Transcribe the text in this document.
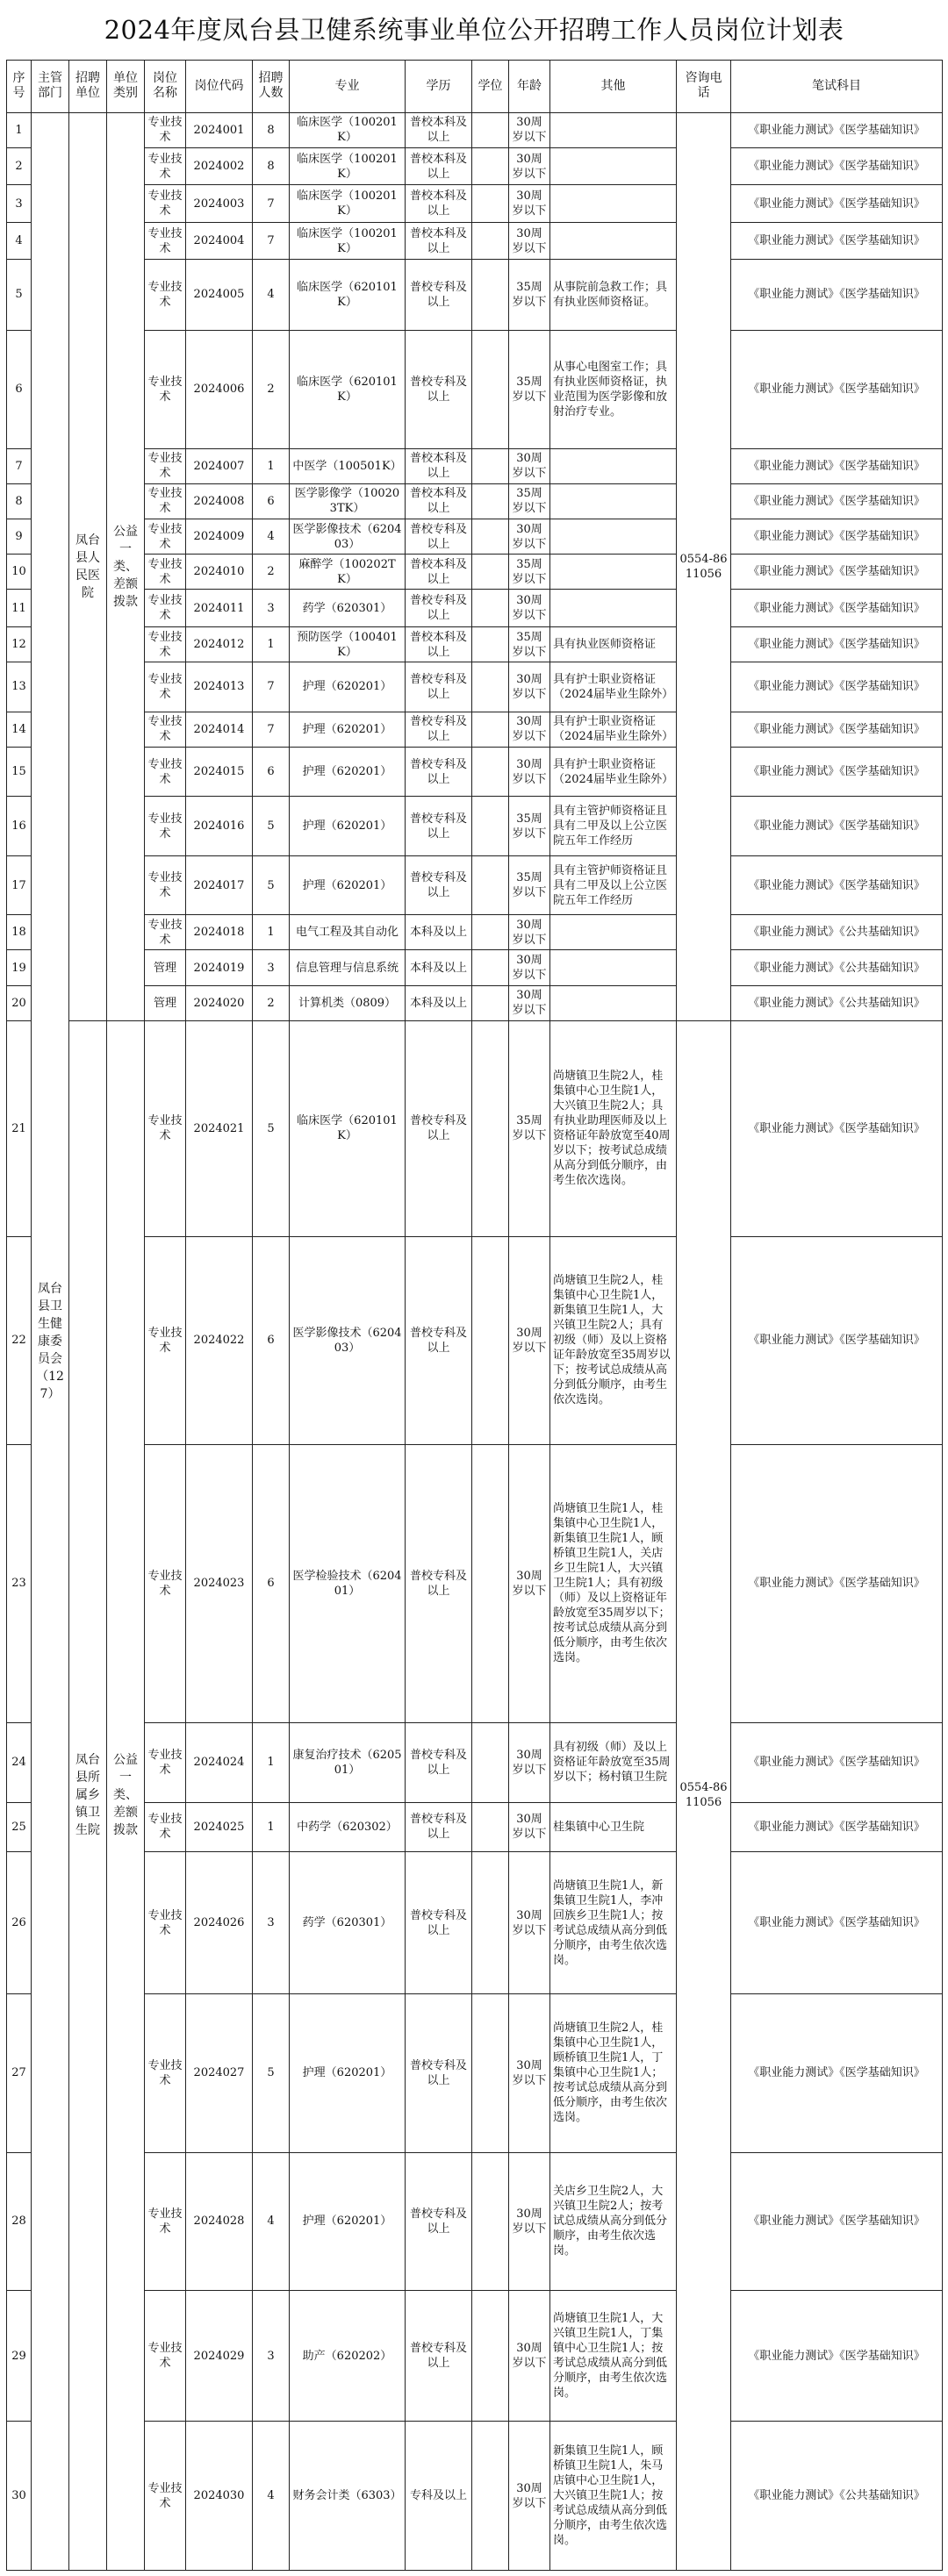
2024年度凤台县卫健系统事业单位公开招聘工作人员岗位计划表
序号	主管部门	招聘单位	单位类别	岗位名称	岗位代码	招聘人数	专业	学历	学位	年龄	其他	咨询电话	笔试科目
1	凤台县卫生健康委员会（127）	凤台县人民医院	公益一类、差额拨款	专业技术	2024001	8	临床医学（100201K）	普校本科及以上		30周岁以下		0554-8611056	《职业能力测试》《医学基础知识》
2				专业技术	2024002	8	临床医学（100201K）	普校本科及以上		30周岁以下			《职业能力测试》《医学基础知识》
3				专业技术	2024003	7	临床医学（100201K）	普校本科及以上		30周岁以下			《职业能力测试》《医学基础知识》
4				专业技术	2024004	7	临床医学（100201K）	普校本科及以上		30周岁以下			《职业能力测试》《医学基础知识》
5				专业技术	2024005	4	临床医学（620101K）	普校专科及以上		35周岁以下	从事院前急救工作；具有执业医师资格证。		《职业能力测试》《医学基础知识》
6				专业技术	2024006	2	临床医学（620101K）	普校专科及以上		35周岁以下	从事心电图室工作；具有执业医师资格证，执业范围为医学影像和放射治疗专业。		《职业能力测试》《医学基础知识》
7				专业技术	2024007	1	中医学（100501K）	普校本科及以上		30周岁以下			《职业能力测试》《医学基础知识》
8				专业技术	2024008	6	医学影像学（100203TK）	普校本科及以上		35周岁以下			《职业能力测试》《医学基础知识》
9				专业技术	2024009	4	医学影像技术（620403）	普校专科及以上		30周岁以下			《职业能力测试》《医学基础知识》
10				专业技术	2024010	2	麻醉学（100202TK）	普校本科及以上		35周岁以下			《职业能力测试》《医学基础知识》
11				专业技术	2024011	3	药学（620301）	普校专科及以上		30周岁以下			《职业能力测试》《医学基础知识》
12				专业技术	2024012	1	预防医学（100401K）	普校本科及以上		35周岁以下	具有执业医师资格证		《职业能力测试》《医学基础知识》
13				专业技术	2024013	7	护理（620201）	普校专科及以上		30周岁以下	具有护士职业资格证（2024届毕业生除外）		《职业能力测试》《医学基础知识》
14				专业技术	2024014	7	护理（620201）	普校专科及以上		30周岁以下	具有护士职业资格证（2024届毕业生除外）		《职业能力测试》《医学基础知识》
15				专业技术	2024015	6	护理（620201）	普校专科及以上		30周岁以下	具有护士职业资格证（2024届毕业生除外）		《职业能力测试》《医学基础知识》
16				专业技术	2024016	5	护理（620201）	普校专科及以上		35周岁以下	具有主管护师资格证且具有二甲及以上公立医院五年工作经历		《职业能力测试》《医学基础知识》
17				专业技术	2024017	5	护理（620201）	普校专科及以上		35周岁以下	具有主管护师资格证且具有二甲及以上公立医院五年工作经历		《职业能力测试》《医学基础知识》
18				专业技术	2024018	1	电气工程及其自动化	本科及以上		30周岁以下			《职业能力测试》《公共基础知识》
19				管理	2024019	3	信息管理与信息系统	本科及以上		30周岁以下			《职业能力测试》《公共基础知识》
20				管理	2024020	2	计算机类（0809）	本科及以上		30周岁以下			《职业能力测试》《公共基础知识》
21		凤台县所属乡镇卫生院	公益一类、差额拨款	专业技术	2024021	5	临床医学（620101K）	普校专科及以上		35周岁以下	尚塘镇卫生院2人，桂集镇中心卫生院1人，大兴镇卫生院2人；具有执业助理医师及以上资格证年龄放宽至40周岁以下；按考试总成绩从高分到低分顺序，由考生依次选岗。	0554-8611056	《职业能力测试》《医学基础知识》
22				专业技术	2024022	6	医学影像技术（620403）	普校专科及以上		30周岁以下	尚塘镇卫生院2人，桂集镇中心卫生院1人，新集镇卫生院1人，大兴镇卫生院2人；具有初级（师）及以上资格证年龄放宽至35周岁以下；按考试总成绩从高分到低分顺序，由考生依次选岗。		《职业能力测试》《医学基础知识》
23				专业技术	2024023	6	医学检验技术（620401）	普校专科及以上		30周岁以下	尚塘镇卫生院1人，桂集镇中心卫生院1人，新集镇卫生院1人，顾桥镇卫生院1人，关店乡卫生院1人，大兴镇卫生院1人；具有初级（师）及以上资格证年龄放宽至35周岁以下；按考试总成绩从高分到低分顺序，由考生依次选岗。		《职业能力测试》《医学基础知识》
24				专业技术	2024024	1	康复治疗技术（620501）	普校专科及以上		30周岁以下	具有初级（师）及以上资格证年龄放宽至35周岁以下；杨村镇卫生院		《职业能力测试》《医学基础知识》
25				专业技术	2024025	1	中药学（620302）	普校专科及以上		30周岁以下	桂集镇中心卫生院		《职业能力测试》《医学基础知识》
26				专业技术	2024026	3	药学（620301）	普校专科及以上		30周岁以下	尚塘镇卫生院1人，新集镇卫生院1人，李冲回族乡卫生院1人；按考试总成绩从高分到低分顺序，由考生依次选岗。		《职业能力测试》《医学基础知识》
27				专业技术	2024027	5	护理（620201）	普校专科及以上		30周岁以下	尚塘镇卫生院2人，桂集镇中心卫生院1人，顾桥镇卫生院1人，丁集镇中心卫生院1人；按考试总成绩从高分到低分顺序，由考生依次选岗。		《职业能力测试》《医学基础知识》
28				专业技术	2024028	4	护理（620201）	普校专科及以上		30周岁以下	关店乡卫生院2人，大兴镇卫生院2人；按考试总成绩从高分到低分顺序，由考生依次选岗。		《职业能力测试》《医学基础知识》
29				专业技术	2024029	3	助产（620202）	普校专科及以上		30周岁以下	尚塘镇卫生院1人，大兴镇卫生院1人，丁集镇中心卫生院1人；按考试总成绩从高分到低分顺序，由考生依次选岗。		《职业能力测试》《医学基础知识》
30				专业技术	2024030	4	财务会计类（6303）	专科及以上		30周岁以下	新集镇卫生院1人，顾桥镇卫生院1人，朱马店镇中心卫生院1人，大兴镇卫生院1人；按考试总成绩从高分到低分顺序，由考生依次选岗。		《职业能力测试》《公共基础知识》
